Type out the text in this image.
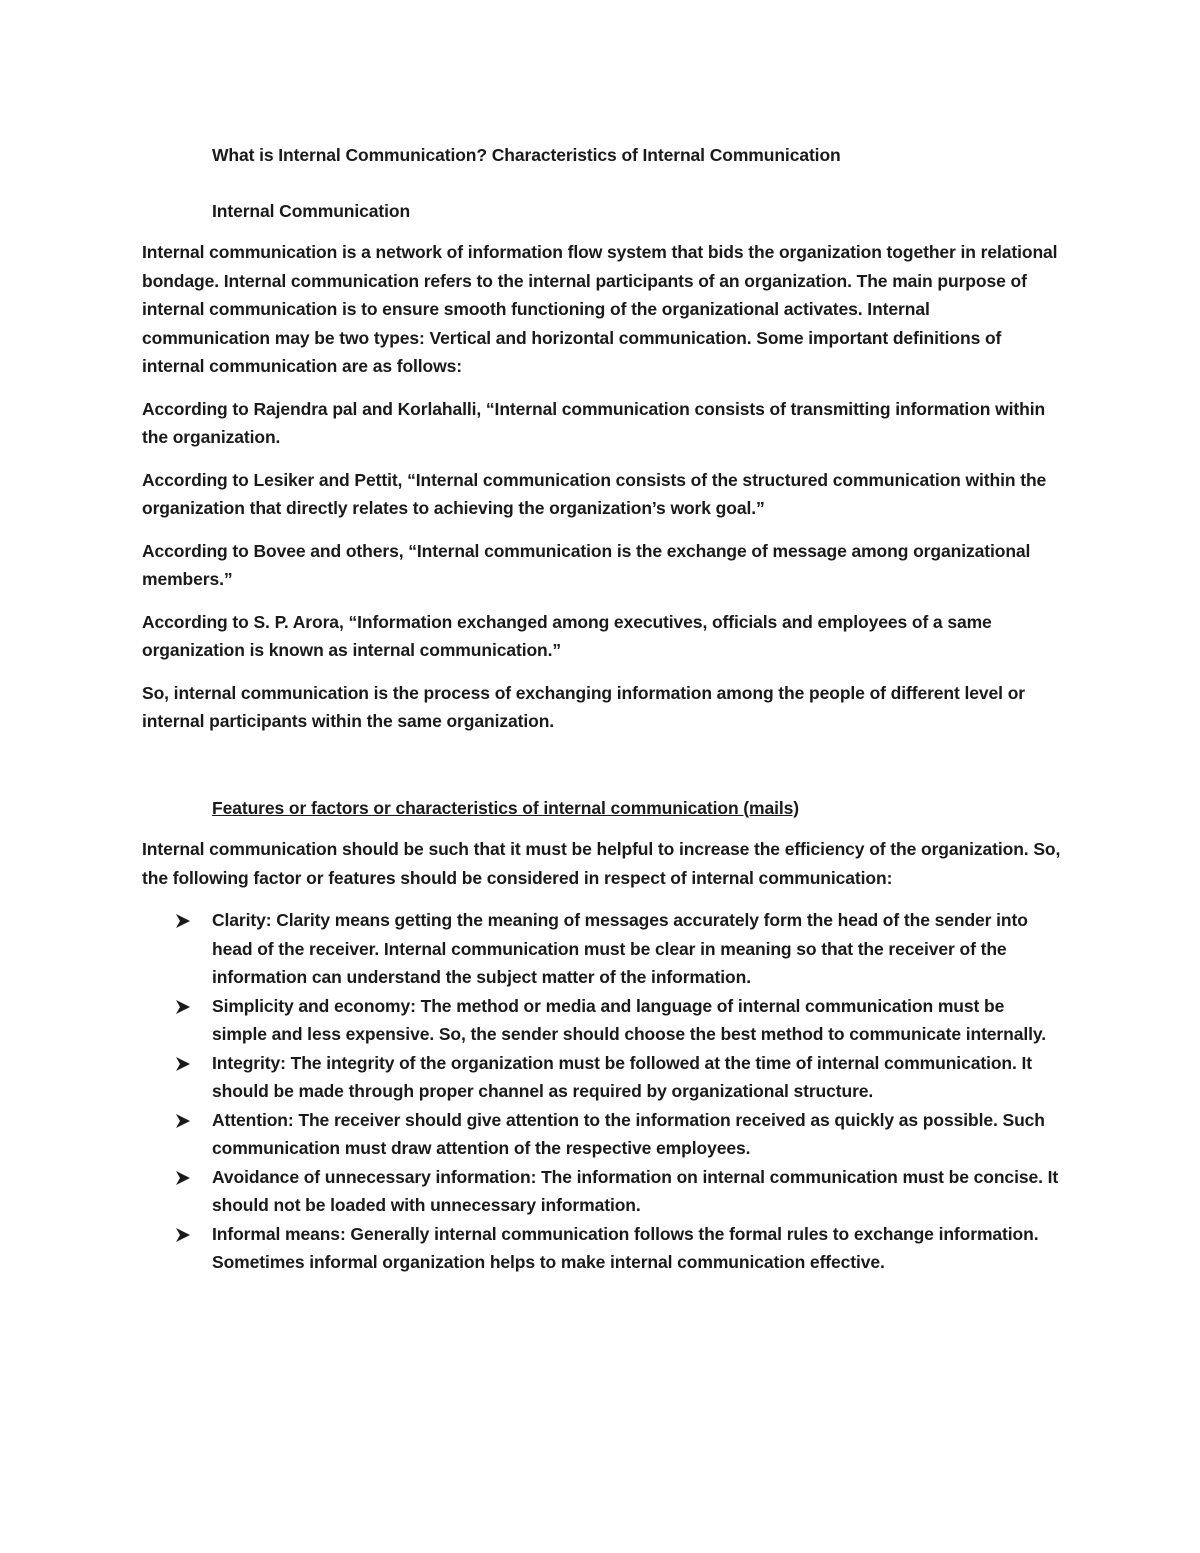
What is Internal Communication? Characteristics of Internal Communication

Internal Communication

Internal communication is a network of information flow system that bids the organization together in relational bondage. Internal communication refers to the internal participants of an organization. The main purpose of internal communication is to ensure smooth functioning of the organizational activates. Internal communication may be two types: Vertical and horizontal communication. Some important definitions of internal communication are as follows:

According to Rajendra pal and Korlahalli, “Internal communication consists of transmitting information within the organization.

According to Lesiker and Pettit, “Internal communication consists of the structured communication within the organization that directly relates to achieving the organization’s work goal.”

According to Bovee and others, “Internal communication is the exchange of message among organizational members.”

According to S. P. Arora, “Information exchanged among executives, officials and employees of a same organization is known as internal communication.”

So, internal communication is the process of exchanging information among the people of different level or internal participants within the same organization.

Features or factors or characteristics of internal communication (mails)

Internal communication should be such that it must be helpful to increase the efficiency of the organization. So, the following factor or features should be considered in respect of internal communication:

Clarity: Clarity means getting the meaning of messages accurately form the head of the sender into head of the receiver. Internal communication must be clear in meaning so that the receiver of the information can understand the subject matter of the information.
Simplicity and economy: The method or media and language of internal communication must be simple and less expensive. So, the sender should choose the best method to communicate internally.
Integrity: The integrity of the organization must be followed at the time of internal communication. It should be made through proper channel as required by organizational structure.
Attention: The receiver should give attention to the information received as quickly as possible. Such communication must draw attention of the respective employees.
Avoidance of unnecessary information: The information on internal communication must be concise. It should not be loaded with unnecessary information.
Informal means: Generally internal communication follows the formal rules to exchange information. Sometimes informal organization helps to make internal communication effective.
